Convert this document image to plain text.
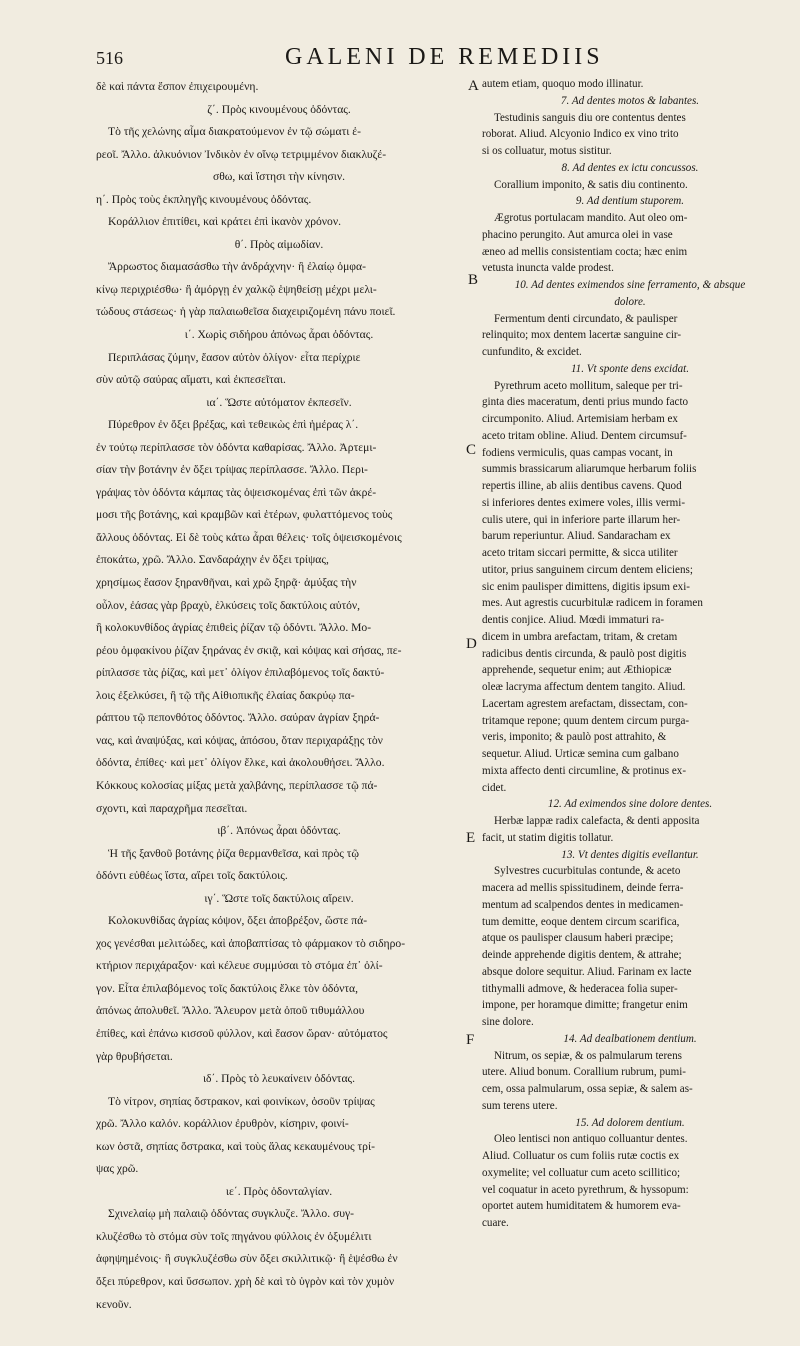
516	GALENI DE REMEDIIS
δὲ καὶ πάντα ἔσπον ἐπιχειρουμένη.
ζ΄. Πρὸς κινουμένους ὀδόντας.
Τὸ τῆς χελώνης αἷμα διακρατούμενον ἐν τῷ σώματι ἐ-
ρεοῖ. Ἄλλο. ἀλκυόνιον Ἰνδικὸν ἐν οἴνῳ τετριμμένον διακλυζέ-
σθω, καὶ ἵστησι τὴν κίνησιν.
η΄. Πρὸς τοὺς ἐκπληγῆς κινουμένους ὀδόντας.
Κοράλλιον ἐπιτίθει, καὶ κράτει ἐπὶ ἱκανὸν χρόνον.
θ΄. Πρὸς αἱμωδίαν.
Ἄρρωστος διαμασάσθω τὴν ἀνδράχνην· ἢ ἐλαίῳ ὀμφα-
κίνῳ περιχριέσθω· ἢ ἀμόργῃ ἐν χαλκῷ ἑψηθείσῃ μέχρι μελι-
τώδους στάσεως· ἡ γὰρ παλαιωθεῖσα διαχειριζομένη πάνυ ποιεῖ.
ι΄. Χωρὶς σιδήρου ἀπόνως ἆραι ὀδόντας.
Περιπλάσας ζύμην, ἔασον αὐτὸν ὀλίγον· εἶτα περίχριε
σὺν αὐτῷ σαύρας αἵματι, καὶ ἐκπεσεῖται.
ια΄. Ὥστε αὐτόματον ἐκπεσεῖν.
Πύρεθρον ἐν ὄξει βρέξας, καὶ τεθεικὼς ἐπὶ ἡμέρας λ΄.
ἐν τούτῳ περίπλασσε τὸν ὀδόντα καθαρίσας. Ἄλλο. Ἀρτεμι-
σίαν τὴν βοτάνην ἐν ὄξει τρίψας περίπλασσε. Ἄλλο. Περι-
γράψας τὸν ὀδόντα κάμπας τὰς ὀψεισκομένας ἐπὶ τῶν ἀκρέ-
μοσι τῆς βοτάνης, καὶ κραμβῶν καὶ ἑτέρων, φυλαττόμενος τοὺς
ἄλλους ὀδόντας. Εἰ δὲ τοὺς κάτω ἆραι θέλεις· τοῖς ὀψεισκομένοις
ἐποκάτω, χρῶ. Ἄλλο. Σανδαράχην ἐν ὄξει τρίψας,
χρησίμως ἔασον ξηρανθῆναι, καὶ χρῶ ξηρᾷ· ἀμύξας τὴν
οὖλον, ἐάσας γὰρ βραχὺ, ἑλκύσεις τοῖς δακτύλοις αὐτόν,
ἢ κολοκυνθίδος ἀγρίας ἐπιθεὶς ῥίζαν τῷ ὀδόντι. Ἄλλο. Μο-
ρέου ὀμφακίνου ῥίζαν ξηράνας ἐν σκιᾷ, καὶ κόψας καὶ σήσας, πε-
ρίπλασσε τὰς ῥίζας, καὶ μετ᾽ ὀλίγον ἐπιλαβόμενος τοῖς δακτύ-
λοις ἐξελκύσει, ἢ τῷ τῆς Αἰθιοπικῆς ἐλαίας δακρύῳ πα-
ράπτου τῷ πεπονθότος ὀδόντος. Ἄλλο. σαύραν ἀγρίαν ξηρά-
νας, καὶ ἀναψύξας, καὶ κόψας, ἀπόσου, ὅταν περιχαράξῃς τὸν
ὀδόντα, ἐπίθες· καὶ μετ᾽ ὀλίγον ἕλκε, καὶ ἀκολουθήσει. Ἄλλο.
Κόκκους κολοσίας μίξας μετὰ χαλβάνης, περίπλασσε τῷ πά-
σχοντι, καὶ παραχρῆμα πεσεῖται.
ιβ΄. Ἀπόνως ἆραι ὀδόντας.
Ἡ τῆς ξανθοῦ βοτάνης ῥίζα θερμανθεῖσα, καὶ πρὸς τῷ
ὀδόντι εὐθέως ἵστα, αἴρει τοῖς δακτύλοις.
ιγ΄. Ὥστε τοῖς δακτύλοις αἴρειν.
Κολοκυνθίδας ἀγρίας κόψον, ὄξει ἀποβρέξον, ὥστε πά-
χος γενέσθαι μελιτώδες, καὶ ἀποβαπτίσας τὸ φάρμακον τὸ σιδηρο-
κτήριον περιχάραξον· καὶ κέλευε συμμύσαι τὸ στόμα ἐπ᾽ ὀλί-
γον. Εἶτα ἐπιλαβόμενος τοῖς δακτύλοις ἕλκε τὸν ὀδόντα,
ἀπόνως ἀπολυθεῖ. Ἄλλο. Ἄλευρον μετὰ ὀποῦ τιθυμάλλου
ἐπίθες, καὶ ἐπάνω κισσοῦ φύλλον, καὶ ἔασον ὥραν· αὐτόματος
γὰρ θρυβήσεται.
ιδ΄. Πρὸς τὸ λευκαίνειν ὀδόντας.
Τὸ νίτρον, σηπίας ὄστρακον, καὶ φοινίκων, ὁσοῦν τρίψας
χρῶ. Ἄλλο καλόν. κοράλλιον ἐρυθρὸν, κίσηριν, φοινί-
κων ὀστᾶ, σηπίας ὄστρακα, καὶ τοὺς ἅλας κεκαυμένους τρί-
ψας χρῶ.
ιε΄. Πρὸς ὀδονταλγίαν.
Σχινελαίῳ μὴ παλαιῷ ὀδόντας συγκλυζε. Ἄλλο. συγ-
κλυζέσθω τὸ στόμα σὺν τοῖς πηγάνου φύλλοις ἐν ὀξυμέλιτι
ἀφηψημένοις· ἢ συγκλυζέσθω σὺν ὄξει σκιλλιτικῷ· ἢ ἑψέσθω ἐν
ὄξει πύρεθρον, καὶ ὕσσωπον. χρὴ δὲ καὶ τὸ ὑγρὸν καὶ τὸν χυμὸν
κενοῦν.
autem etiam, quoquo modo illinatur.
7. Ad dentes motos & labantes.
Testudinis sanguis diu ore contentus dentes
roborat. Aliud. Alcyonio Indico ex vino trito
si os colluatur, motus sistitur.
8. Ad dentes ex ictu concussos.
Corallium imponito, & satis diu continento.
9. Ad dentium stuporem.
Ægrotus portulacam mandito. Aut oleo om-
phacino perungito. Aut amurca olei in vase
æneo ad mellis consistentiam cocta; hæc enim
vetusta inuncta valde prodest.
10. Ad dentes eximendos sine ferramento, & absque
dolore.
Fermentum denti circundato, & paulisper
relinquito; mox dentem lacertæ sanguine cir-
cunfundito, & excidet.
11. Vt sponte dens excidat.
Pyrethrum aceto mollitum, saleque per tri-
ginta dies maceratum, denti prius mundo facto
circumponito. Aliud. Artemisiam herbam ex
aceto tritam obline. Aliud. Dentem circumsuf-
fodiens vermiculis, quas campas vocant, in
summis brassicarum aliarumque herbarum foliis
repertis illine, ab aliis dentibus cavens. Quod
si inferiores dentes eximere voles, illis vermi-
culis utere, qui in inferiore parte illarum her-
barum reperiuntur. Aliud. Sandaracham ex
aceto tritam siccari permitte, & sicca utiliter
utitor, prius sanguinem circum dentem eliciens;
sic enim paulisper dimittens, digitis ipsum exi-
mes. Aut agrestis cucurbitulæ radicem in foramen
dentis conjice. Aliud. Mœdi immaturi ra-
dicem in umbra arefactam, tritam, & cretam
radicibus dentis circunda, & paulò post digitis
apprehende, sequetur enim; aut Æthiopicæ
oleæ lacryma affectum dentem tangito. Aliud.
Lacertam agrestem arefactam, dissectam, con-
tritamque repone; quum dentem circum purga-
veris, imponito; & paulò post attrahito, &
sequetur. Aliud. Urticæ semina cum galbano
mixta affecto denti circumline, & protinus ex-
cidet.
12. Ad eximendos sine dolore dentes.
Herbæ lappæ radix calefacta, & denti apposita
facit, ut statim digitis tollatur.
13. Vt dentes digitis evellantur.
Sylvestres cucurbitulas contunde, & aceto
macera ad mellis spissitudinem, deinde ferra-
mentum ad scalpendos dentes in medicamen-
tum demitte, eoque dentem circum scarifica,
atque os paulisper clausum haberi præcipe;
deinde apprehende digitis dentem, & attrahe;
absque dolore sequitur. Aliud. Farinam ex lacte
tithymalli admove, & hederacea folia super-
impone, per horamque dimitte; frangetur enim
sine dolore.
14. Ad dealbationem dentium.
Nitrum, os sepiæ, & os palmularum terens
utere. Aliud bonum. Corallium rubrum, pumi-
cem, ossa palmularum, ossa sepiæ, & salem as-
sum terens utere.
15. Ad dolorem dentium.
Oleo lentisci non antiquo colluantur dentes.
Aliud. Colluatur os cum foliis rutæ coctis ex
oxymelite; vel colluatur cum aceto scillitico;
vel coquatur in aceto pyrethrum, & hyssopum:
oportet autem humiditatem & humorem eva-
cuare.
A
B
C
D
E
F
